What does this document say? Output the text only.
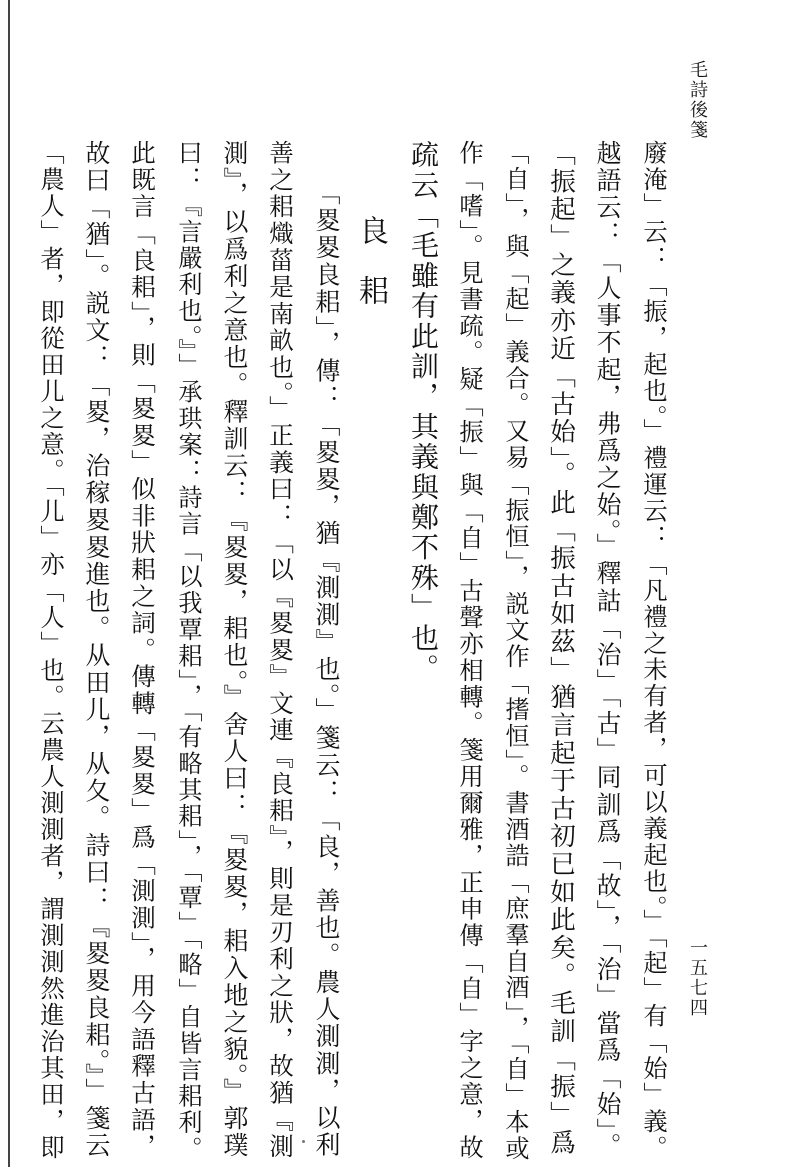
毛詩後箋
一五七四
廢淹」云：「振，起也。」禮運云：「凡禮之未有者，可以義起也。」「起」有「始」義。
越語云：「人事不起，弗爲之始。」釋詁「治」「古」同訓爲「故」，「治」當爲「始」。
「振起」之義亦近「古始」。此「振古如茲」猶言起于古初已如此矣。毛訓「振」爲
「自」，與「起」義合。又易「振恒」，説文作「搘恒」。書酒誥「庶羣自酒」，「自」本或
作「嗜」。見書疏。疑「振」與「自」古聲亦相轉。箋用爾雅，正申傳「自」字之意，故
疏云「毛雖有此訓，其義與鄭不殊」也。
良耜
「畟畟良耜」，傳：「畟畟，猶『測測』也。」箋云：「良，善也。農人測測，以利
善之耜熾菑是南畝也。」正義曰：「以『畟畟』文連『良耜』，則是刃利之狀，故猶『測
測』，以爲利之意也。釋訓云：『畟畟，耜也。』舍人曰：『畟畟，耜入地之貌。』郭璞
曰：『言嚴利也。』」承珙案：詩言「以我覃耜」，「有略其耜」，「覃」「略」自皆言耜利。
此既言「良耜」，則「畟畟」似非狀耜之詞。傳轉「畟畟」爲「測測」，用今語釋古語，
故曰「猶」。説文：「畟，治稼畟畟進也。从田儿，从夂。詩曰：『畟畟良耜。』」箋云
「農人」者，即從田儿之意。「儿」亦「人」也。云農人測測者，謂測測然進治其田，即
